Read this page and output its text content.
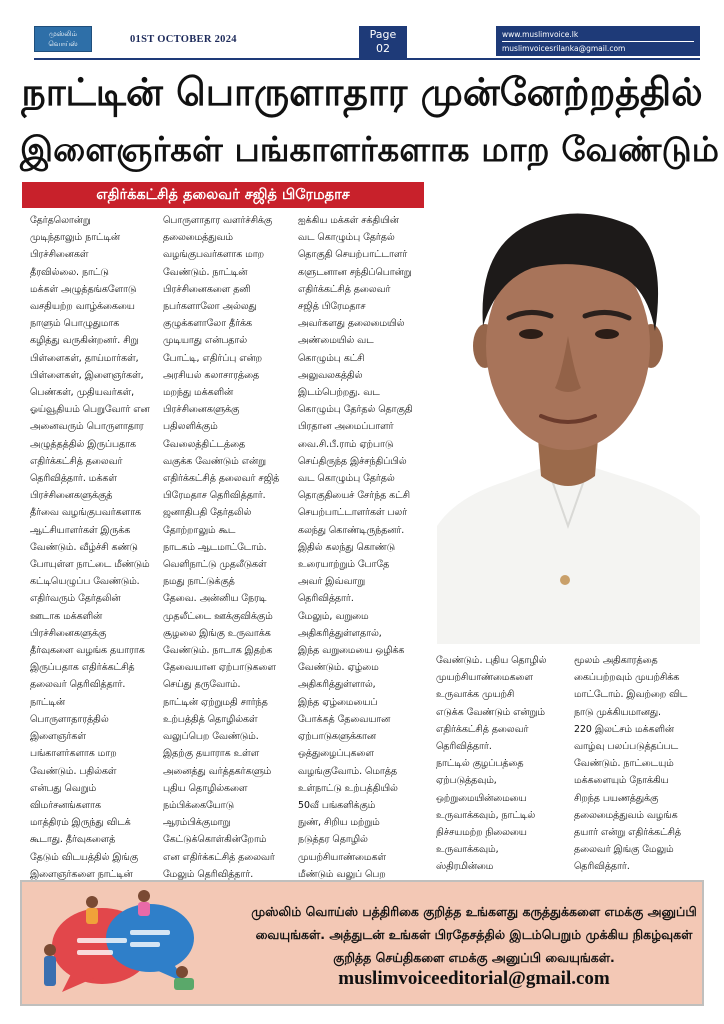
முஸ்லிம் வொய்ஸ்	01ST OCTOBER 2024	Page
02
www.muslimvoice.lk
muslimvoicesrilanka@gmail.com
நாட்டின் பொருளாதார முன்னேற்றத்தில்
இளைஞர்கள் பங்காளர்களாக மாற வேண்டும்
எதிர்க்கட்சித் தலைவர் சஜித் பிரேமதாச
தேர்தலொன்று
முடிந்தாலும் நாட்டின்
பிரச்சினைகள்
தீரவில்லை. நாட்டு
மக்கள் அழுத்தங்களோடு
வசதியற்ற வாழ்க்கையை
நாளும் பொழுதுமாக
கழித்து வருகின்றனர். சிறு
பிள்ளைகள், தாய்மார்கள்,
பிள்ளைகள், இளைஞர்கள்,
பெண்கள், முதியவர்கள்,
ஓய்வூதியம் பெறுவோர் என
அனைவரும் பொருளாதார
அழுத்தத்தில் இருப்பதாக
எதிர்க்கட்சித் தலைவர்
தெரிவித்தார். மக்கள்
பிரச்சினைகளுக்குத்
தீர்வை வழங்குபவர்களாக
ஆட்சியாளர்கள் இருக்க
வேண்டும். வீழ்ச்சி கண்டு
போயுள்ள நாட்டை மீண்டும்
கட்டியெழுப்ப வேண்டும்.
எதிர்வரும் தேர்தலின்
ஊடாக மக்களின்
பிரச்சினைகளுக்கு
தீர்வுகளை வழங்க தயாராக
இருப்பதாக எதிர்க்கட்சித்
தலைவர் தெரிவித்தார்.
நாட்டின்
பொருளாதாரத்தில்
இளைஞர்கள்
பங்காளர்களாக மாற
வேண்டும். பதில்கள்
என்பது வெறும்
விமர்சனங்களாக
மாத்திரம் இருந்து விடக்
கூடாது. தீர்வுகளைத்
தேடும் விடயத்தில் இங்கு
இளைஞர்களை நாட்டின்
பொருளாதார வளர்ச்சிக்கு
தலைமைத்துவம்
வழங்குபவர்களாக மாற
வேண்டும். நாட்டின்
பிரச்சினைகளை தனி
நபர்களாலோ அல்லது
குழுக்களாலோ தீர்க்க
முடியாது என்பதால்
போட்டி, எதிர்ப்பு என்ற
அரசியல் கலாசாரத்தை
மறந்து மக்களின்
பிரச்சினைகளுக்கு
பதிலளிக்கும்
வேலைத்திட்டத்தை
வகுக்க வேண்டும் என்று
எதிர்க்கட்சித் தலைவர் சஜித்
பிரேமதாச தெரிவித்தார்.
ஜனாதிபதி தேர்தலில்
தோற்றாலும் கூட
நாடகம் ஆடமாட்டோம்.
வெளிநாட்டு முதலீடுகள்
நமது நாட்டுக்குத்
தேவை. அன்னிய நேரடி
முதலீட்டை ஊக்குவிக்கும்
சூழலை இங்கு உருவாக்க
வேண்டும். நாடாக இதற்க
தேவையான ஏற்பாடுகளை
செய்து தருவோம்.
நாட்டின் ஏற்றுமதி சார்ந்த
உற்பத்தித் தொழில்கள்
வலுப்பெற வேண்டும்.
இதற்கு தயாராக உள்ள
அனைத்து வர்த்தகர்களும்
புதிய தொழில்களை
நம்பிக்கையோடு
ஆரம்பிக்குமாறு
கேட்டுக்கொள்கின்றோம்
என எதிர்க்கட்சித் தலைவர்
மேலும் தெரிவித்தார்.
ஐக்கிய மக்கள் சக்தியின்
வட கொழும்பு தேர்தல்
தொகுதி செயற்பாட்டாளர்
களுடனான சந்திப்பொன்று
எதிர்க்கட்சித் தலைவர்
சஜித் பிரேமதாச
அவர்களது தலைமையில்
அண்மையில் வட
கொழும்பு கட்சி
அலுவலகத்தில்
இடம்பெற்றது. வட
கொழும்பு தேர்தல் தொகுதி
பிரதான அமைப்பாளர்
வை.சி.பீ.ராம் ஏற்பாடு
செய்திருந்த இச்சந்திப்பில்
வட கொழும்பு தேர்தல்
தொகுதியைச் சேர்ந்த கட்சி
செயற்பாட்டாளர்கள் பலர்
கலந்து கொண்டிருந்தனர்.
இதில் கலந்து கொண்டு
உரையாற்றும் போதே
அவர் இவ்வாறு
தெரிவித்தார்.
மேலும், வறுமை
அதிகரித்துள்ளதால்,
இந்த வறுமையை ஒழிக்க
வேண்டும். ஏழ்மை
அதிகரித்துள்ளால்,
இந்த ஏழ்மையைப்
போக்கத் தேவையான
ஏற்பாடுகளுக்கான
ஒத்துழைப்புகளை
வழங்குவோம். மொத்த
உள்நாட்டு உற்பத்தியில்
50வீ பங்களிக்கும்
நுண், சிறிய மற்றும்
நடுத்தர தொழில்
முயற்சியாண்மைகள்
மீண்டும் வலுப் பெற
வேண்டும். புதிய தொழில்
முயற்சியாண்மைகளை
உருவாக்க முயற்சி
எடுக்க வேண்டும் என்றும்
எதிர்க்கட்சித் தலைவர்
தெரிவித்தார்.
நாட்டில் குழப்பத்தை
ஏற்படுத்தவும்,
ஒற்றுமையின்மையை
உருவாக்கவும், நாட்டில்
நிச்சயமற்ற நிலையை
உருவாக்கவும்,
ஸ்திரமின்மை
மூலம் அதிகாரத்தை
கைப்பற்றவும் முயற்சிக்க
மாட்டோம். இவற்றை விட
நாடு முக்கியமானது.
220 இலட்சம் மக்களின்
வாழ்வு பலப்படுத்தப்பட
வேண்டும். நாட்டையும்
மக்களையும் நோக்கிய
சிறந்த பயணத்துக்கு
தலைமைத்துவம் வழங்க
தயார் என்று எதிர்க்கட்சித்
தலைவர் இங்கு மேலும்
தெரிவித்தார்.
முஸ்லிம் வொய்ஸ் பத்திரிகை குறித்த உங்களது கருத்துக்களை எமக்கு அனுப்பி வையுங்கள். அத்துடன் உங்கள் பிரதேசத்தில் இடம்பெறும் முக்கிய நிகழ்வுகள் குறித்த செய்திகளை எமக்கு அனுப்பி வையுங்கள்.
muslimvoiceeditorial@gmail.com
